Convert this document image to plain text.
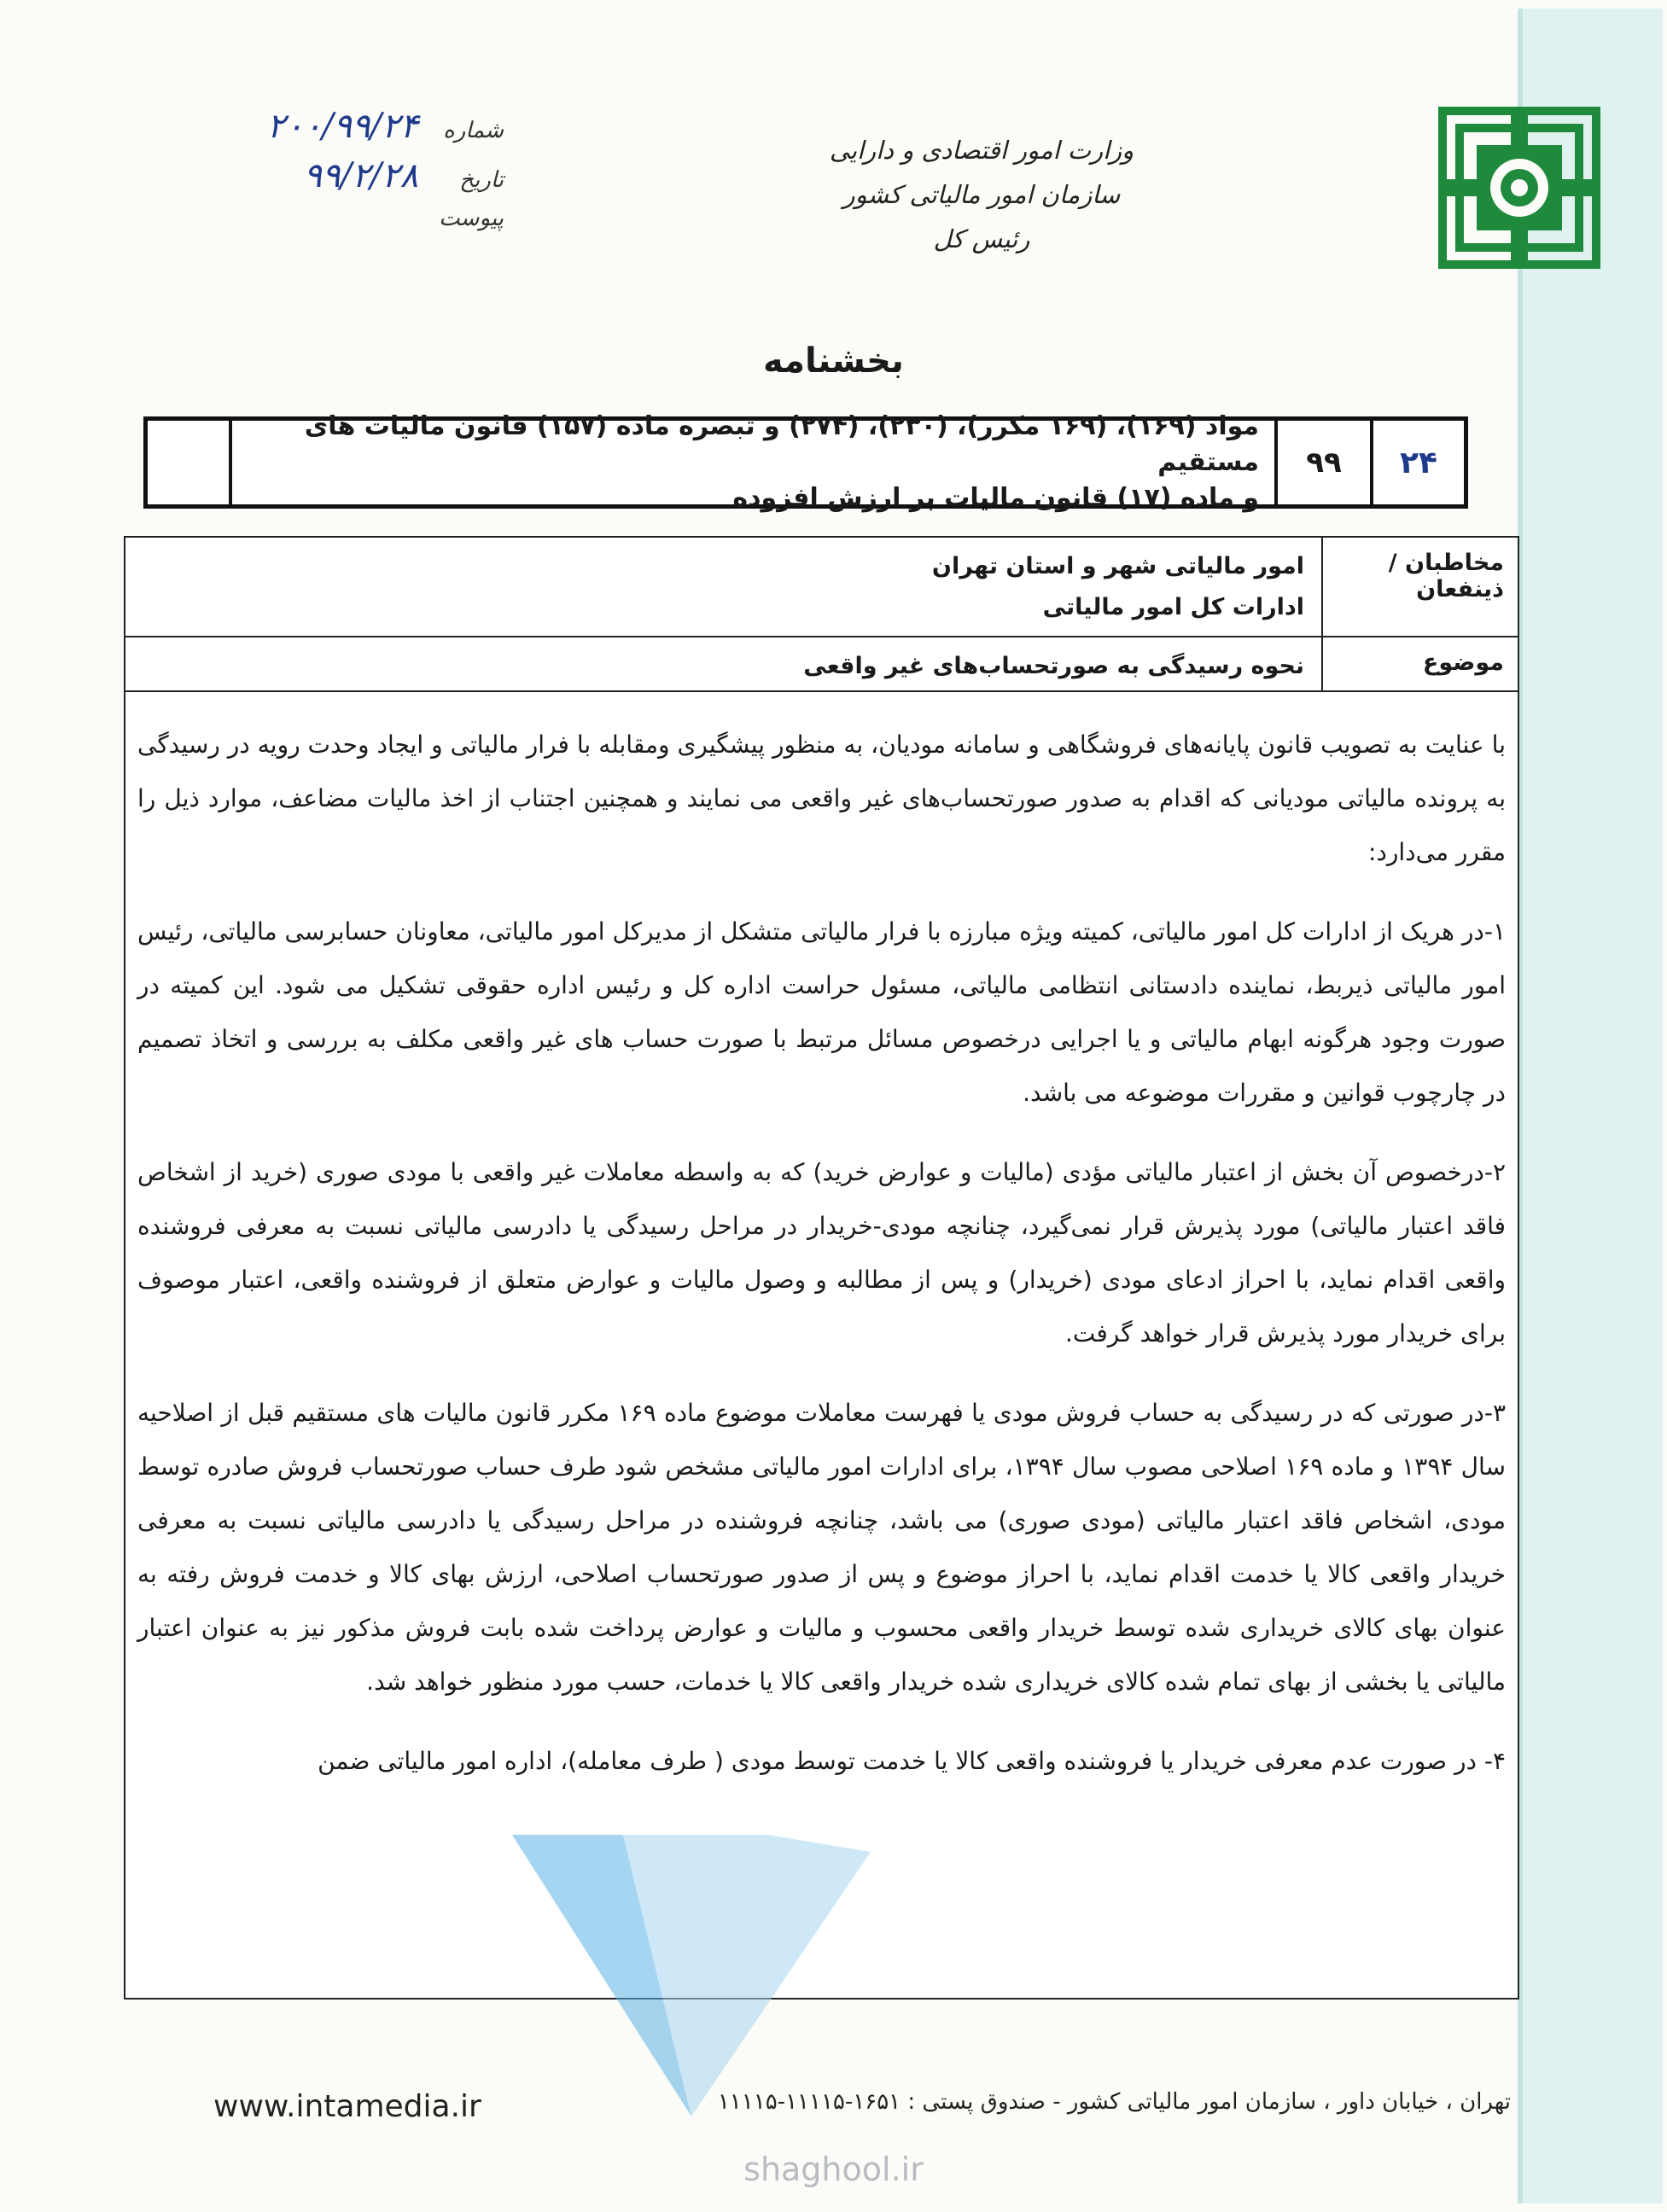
وزارت امور اقتصادی و دارایی
سازمان امور مالیاتی کشور
رئیس کل
شماره
۲۰۰/۹۹/۲۴
تاریخ
۹۹/۲/۲۸
پیوست
بخشنامه
۲۴
۹۹
مواد (۱۶۹)، (۱۶۹ مکرر)، (۲۳۰)، (۲۷۴) و تبصره ماده (۱۵۷) قانون مالیات های مستقیم
و ماده (۱۷) قانون مالیات بر ارزش افزوده
مخاطبان / ذینفعان
امور مالیاتی شهر و استان تهران
ادارات کل امور مالیاتی
موضوع
نحوه رسیدگی به صورتحساب‌های غیر واقعی
با عنایت به تصویب قانون پایانه‌های فروشگاهی و سامانه مودیان، به منظور پیشگیری ومقابله با فرار مالیاتی و ایجاد وحدت رویه در رسیدگی به پرونده مالیاتی مودیانی که اقدام به صدور صورتحساب‌های غیر واقعی می نمایند و همچنین اجتناب از اخذ مالیات مضاعف، موارد ذیل را مقرر می‌دارد:
۱-در هریک از ادارات کل امور مالیاتی، کمیته ویژه مبارزه با فرار مالیاتی متشکل از مدیرکل امور مالیاتی، معاونان حسابرسی مالیاتی، رئیس امور مالیاتی ذیربط، نماینده دادستانی انتظامی مالیاتی، مسئول حراست اداره کل و رئیس اداره حقوقی تشکیل می شود. این کمیته در صورت وجود هرگونه ابهام مالیاتی و یا اجرایی درخصوص مسائل مرتبط با صورت حساب های غیر واقعی مکلف به بررسی و اتخاذ تصمیم در چارچوب قوانین و مقررات موضوعه می باشد.
۲-درخصوص آن بخش از اعتبار مالیاتی مؤدی (مالیات و عوارض خرید) که به واسطه معاملات غیر واقعی با مودی صوری (خرید از اشخاص فاقد اعتبار مالیاتی) مورد پذیرش قرار نمی‌گیرد، چنانچه مودی-خریدار در مراحل رسیدگی یا دادرسی مالیاتی نسبت به معرفی فروشنده واقعی اقدام نماید، با احراز ادعای مودی (خریدار) و پس از مطالبه و وصول مالیات و عوارض متعلق از فروشنده واقعی، اعتبار موصوف برای خریدار مورد پذیرش قرار خواهد گرفت.
۳-در صورتی که در رسیدگی به حساب فروش مودی یا فهرست معاملات موضوع ماده ۱۶۹ مکرر قانون مالیات های مستقیم قبل از اصلاحیه سال ۱۳۹۴ و ماده ۱۶۹ اصلاحی مصوب سال ۱۳۹۴، برای ادارات امور مالیاتی مشخص شود طرف حساب صورتحساب فروش صادره توسط مودی، اشخاص فاقد اعتبار مالیاتی (مودی صوری) می باشد، چنانچه فروشنده در مراحل رسیدگی یا دادرسی مالیاتی نسبت به معرفی خریدار واقعی کالا یا خدمت اقدام نماید، با احراز موضوع و پس از صدور صورتحساب اصلاحی، ارزش بهای کالا و خدمت فروش رفته به عنوان بهای کالای خریداری شده توسط خریدار واقعی محسوب و مالیات و عوارض پرداخت شده بابت فروش مذکور نیز به عنوان اعتبار مالیاتی یا بخشی از بهای تمام شده کالای خریداری شده خریدار واقعی کالا یا خدمات، حسب مورد منظور خواهد شد.
۴- در صورت عدم معرفی خریدار یا فروشنده واقعی کالا یا خدمت توسط مودی ( طرف معامله)، اداره امور مالیاتی ضمن
shaghool.ir
تهران ، خیابان داور ، سازمان امور مالیاتی کشور - صندوق پستی : ۱۶۵۱-۱۱۱۱۵-۱۱۱۱۵
www.intamedia.ir
